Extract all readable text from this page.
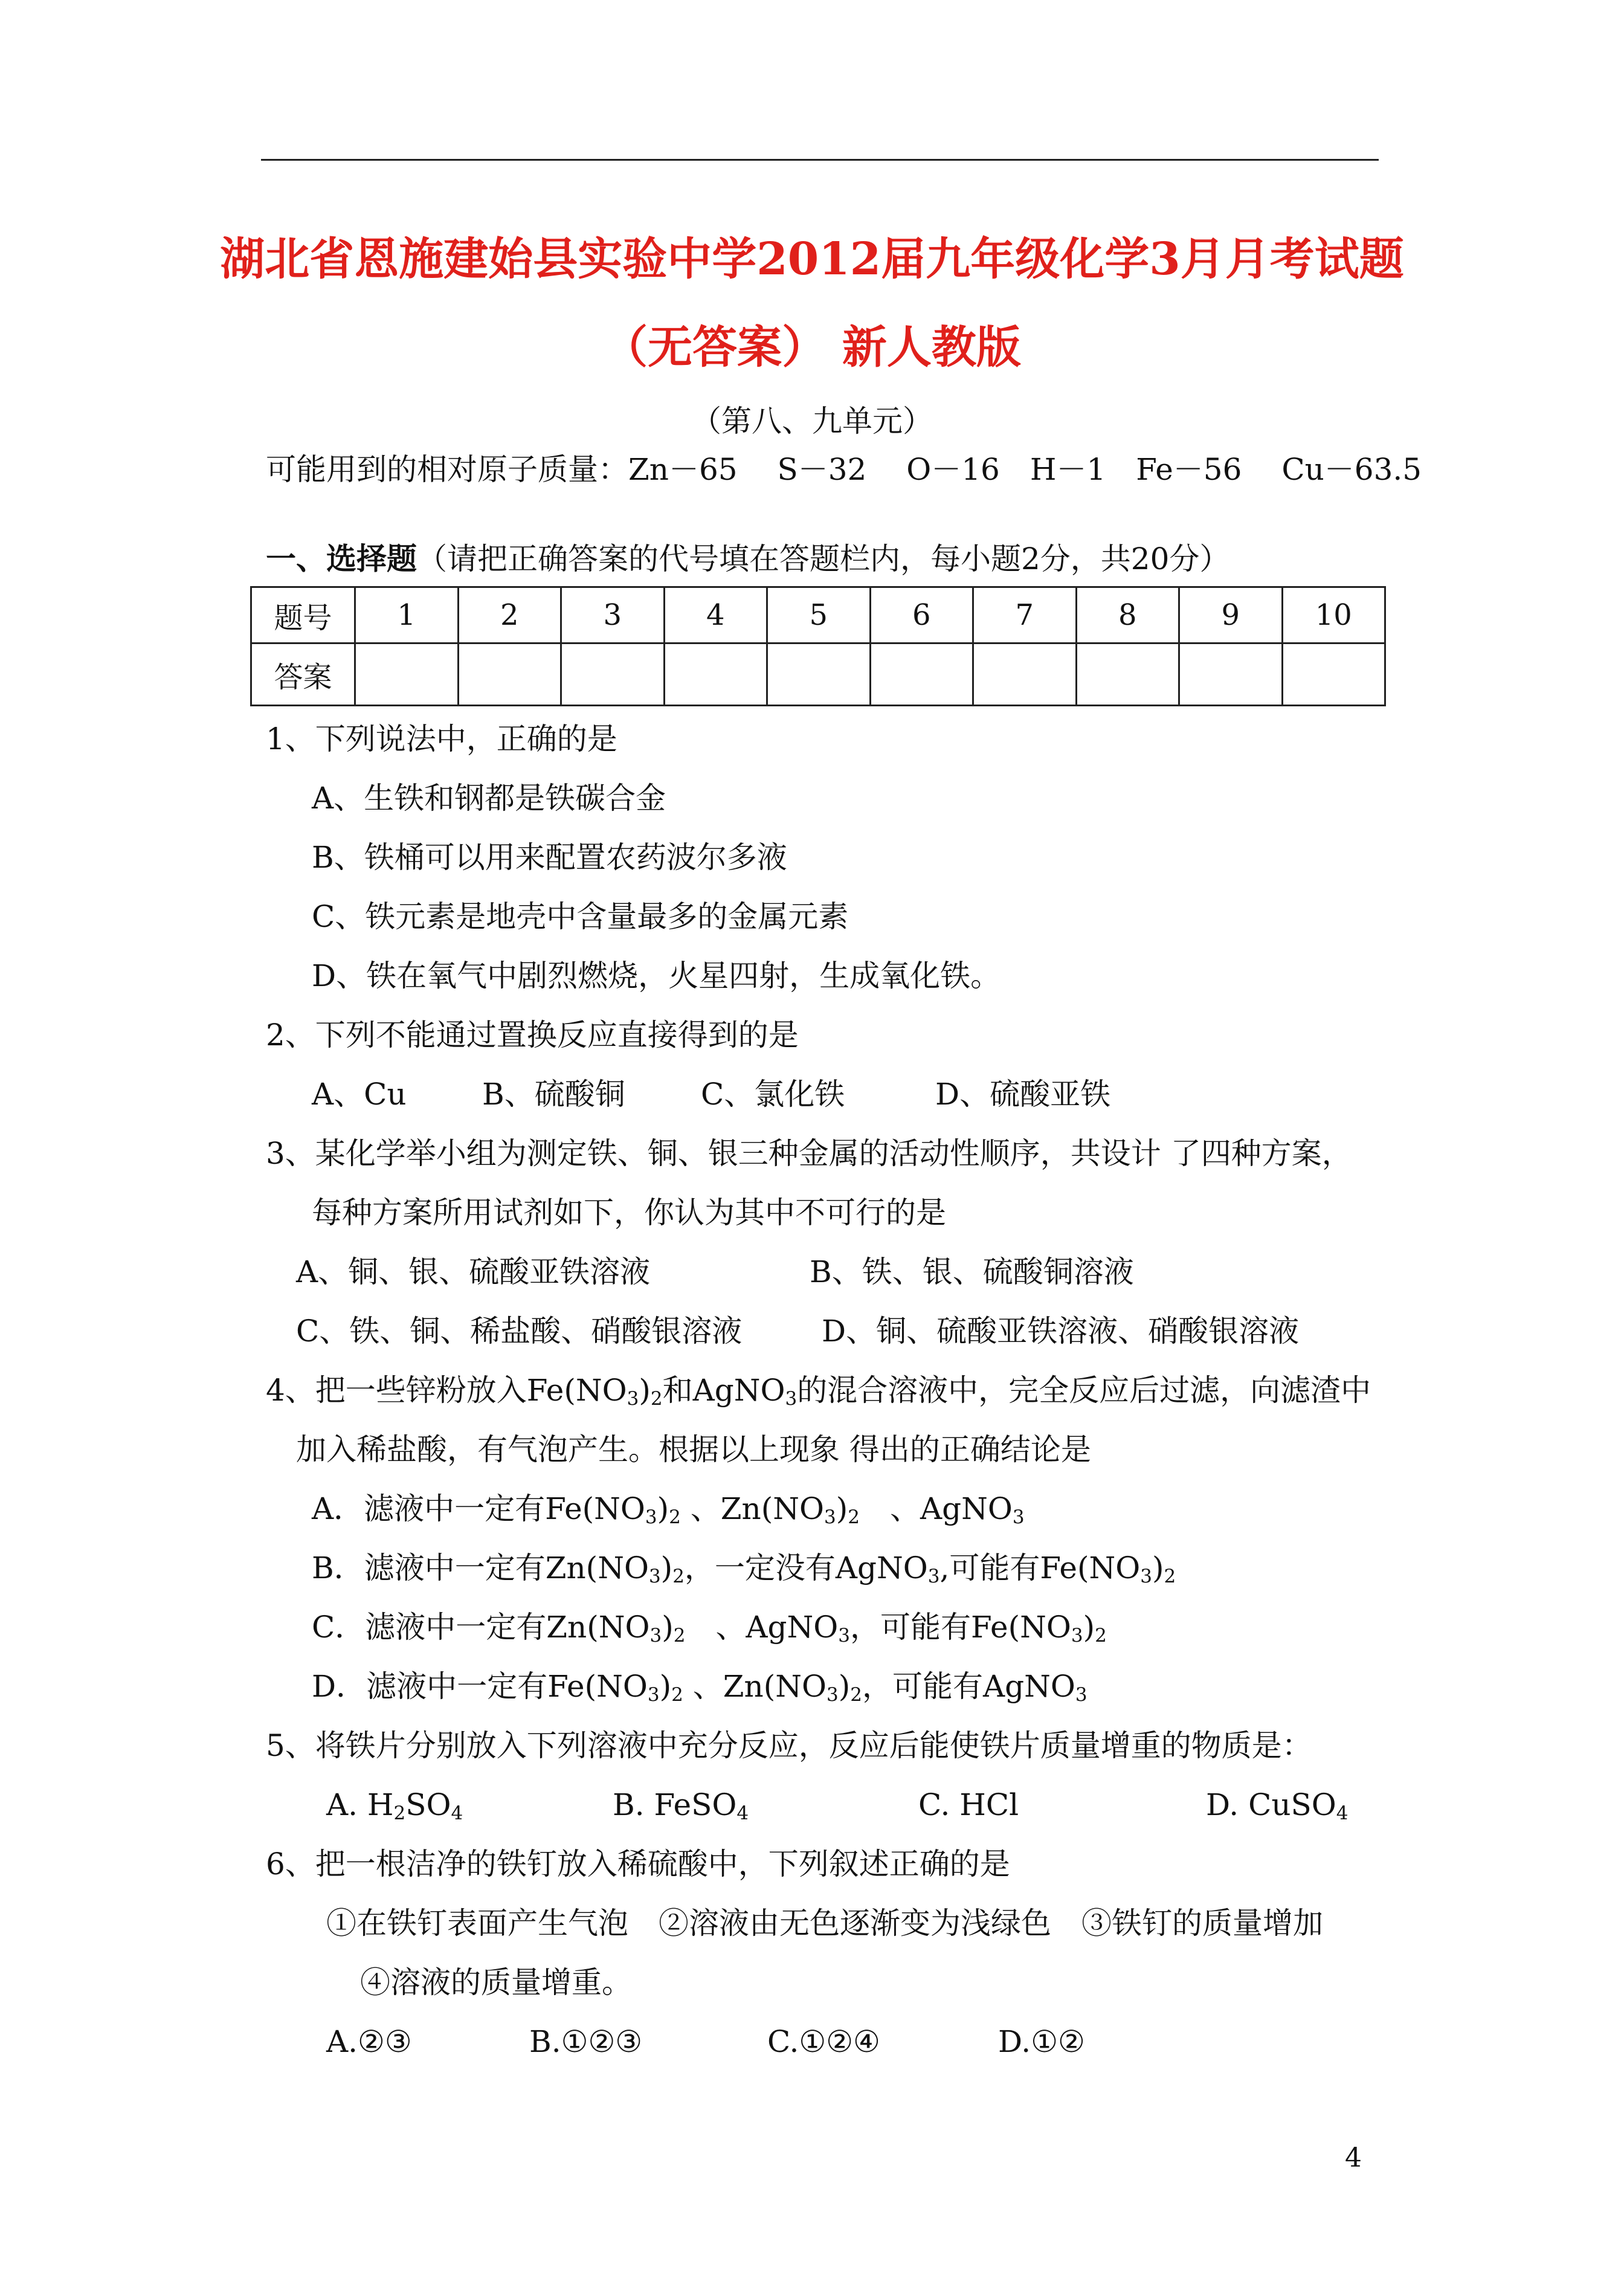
湖北省恩施建始县实验中学2012届九年级化学3月月考试题
（无答案） 新人教版
（第八、九单元）
可能用到的相对原子质量：Zn－65　 S－32　 O－16　H－1　Fe－56　 Cu－63.5
一、选择题（请把正确答案的代号填在答题栏内，每小题2分，共20分）
题号	1	2	3	4	5	6	7	8	9	10
答案										
1、下列说法中，正确的是
A、生铁和钢都是铁碳合金
B、铁桶可以用来配置农药波尔多液
C、铁元素是地壳中含量最多的金属元素
D、铁在氧气中剧烈燃烧，火星四射，生成氧化铁。
2、下列不能通过置换反应直接得到的是
A、Cu	B、硫酸铜	C、氯化铁	D、硫酸亚铁
3、某化学举小组为测定铁、铜、银三种金属的活动性顺序，共设计 了四种方案，
每种方案所用试剂如下，你认为其中不可行的是
A、铜、银、硫酸亚铁溶液	B、铁、银、硫酸铜溶液
C、铁、铜、稀盐酸、硝酸银溶液	D、铜、硫酸亚铁溶液、硝酸银溶液
4、把一些锌粉放入$Fe(NO_3)_2$和AgNO$_3$的混合溶液中，完全反应后过滤，向滤渣中
加入稀盐酸，有气泡产生。根据以上现象 得出的正确结论是
A．滤液中一定有$Fe(NO_3)_2$ 、$Zn(NO_3)_2$　 、AgNO$_3$
B．滤液中一定有$Zn(NO_3)_2$，一定没有AgNO$_3$,可能有$Fe(NO_3)_2$
C．滤液中一定有$Zn(NO_3)_2$　 、AgNO$_3$，可能有$Fe(NO_3)_2$
D．滤液中一定有$Fe(NO_3)_2$ 、$Zn(NO_3)_2$，可能有AgNO$_3$
5、将铁片分别放入下列溶液中充分反应，反应后能使铁片质量增重的物质是：
A. $H_2SO_4$	B. FeSO$_4$	C. HCl	D. CuSO$_4$
6、把一根洁净的铁钉放入稀硫酸中，下列叙述正确的是
①在铁钉表面产生气泡　②溶液由无色逐渐变为浅绿色　③铁钉的质量增加
④溶液的质量增重。
A.②③	B.①②③	C.①②④	D.①②
4
